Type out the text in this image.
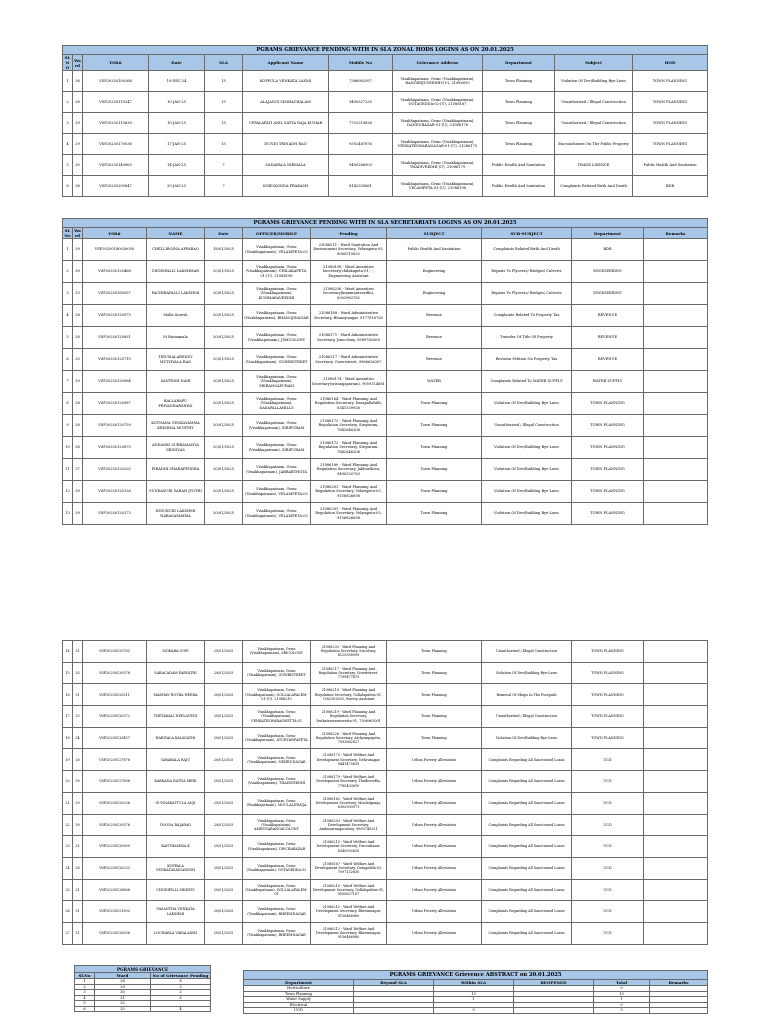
PGRAMS GRIEVANCE PENDING WITH IN SLA ZONAL HODS LOGINS AS ON 20.01.2025										
SL NO	Ward	YSR#	Date	SLA	Applicant Name	Mobile No	Grievance Address	Department	Subject	HOD
1	36	VSP20250100268	10-DEC-24	15	KOPPULA VENKATA LAXMI	7386982957	Visakhapatnam, Gvmc (Visakhapatnam), RANGIRIJUVEEDHI-(U), 21086093	Town Planning	Violation Of Dev/Building Bye-Laws	TOWN PLANNING
2	28	VSP20250110247	10-JAN-25	15	ALAJANGI SIMHACHALAM	9490527333	Visakhapatnam, Gvmc (Visakhapatnam), OOTAGEDDA-02-(U), 21086167	Town Planning	Unauthorised / Illegal Construction	TOWN PLANNING
3	29	VSP20250110630	10-JAN-25	15	UPPALAPATI ANIL SATYA RAJA KUMAR	7702319626	Visakhapatnam, Gvmc (Visakhapatnam), DANDUBAZAR-01-(U), 21086176	Town Planning	Unauthorised / Illegal Construction	TOWN PLANNING
4	29	VSP20250170036	17-JAN-25	15	DUNDI TRINADH RAO	9392487876	Visakhapatnam, Gvmc (Visakhapatnam), VENKATESWARANAGAR-01-(U), 21086175	Town Planning	Encroachment On The Public Property	TOWN PLANNING
5	30	VSP20250140963	14-JAN-25	7	SANAPALA NIRMALA	9490286903	Visakhapatnam, Gvmc (Visakhapatnam), THADIVEEDHI-(U), 21086179	Public Health And Sanitation	TRADE LISENCE	Public Health And Sanitation
6	36	VSP20250200847	20-JAN-25	7	KORUKONDA PRAKASH	8142335661	Visakhapatnam, Gvmc (Visakhapatnam), VELAMPETA-03-(U), 21086198	Public Health And Sanitation	Complaints Related Birth And Death	BDR
PGRAMS GRIEVANCE PENDING WITH IN SLA SECRETARIATS LOGINS AS ON 20.01.2025										
SL No	Ward	YSR#	NAME	Date	OFFICER/MOBILE	Pending	SUBJECT	SUB-SUBJECT	Department	Remarks
1	39	VSP20250180026050	CHELLIBOINA APPARAO	18/01/2025	Visakhapatnam, Gvmc (Visakhapatnam), VELAMPETA-03	21086211 - Ward Sanitation And Environment Secretary, Velampeta-03, 8065515632	Public Health And Sanitation	Complaints Related Birth And Death	BDR	
2	39	VSP20250120468	CHODIPALLI LAKSHMAN	20/01/2025	Visakhapatnam, Gvmc (Visakhapatnam), CHILAKAPETA-01-(U), 21086198	21086198 - Ward Amenities Secretary(chilakapeta-01, - , Engineering Assistant	Engineering	Repairs To Flyovers/ Bridges/ Culverts	ENGINEERING	
3	33	VSP20250185057	PACHIRAPALLI LAKSHMI	20/01/2025	Visakhapatnam, Gvmc (Visakhapatnam), KUMMARAVEEDHI	21086236 - Ward Amenities Secretary(kummaraveedhi), 6303963782	Engineering	Repairs To Flyovers/ Bridges/ Culverts	ENGINEERING	
4	28	VSP20250120975	Malla Suresh	20/01/2025	Visakhapatnam, Gvmc (Visakhapatnam), BHANOJINAGAR	21086168 - Ward Administrative Secretary, Bhanojinagar, 9177816765	Revenue	Complaints Related To Property Tax	REVENUE	
5	28	VSP20250120831	M Ratnamala	20/01/2025	Visakhapatnam, Gvmc (Visakhapatnam), JSMCOLONY	21086171 - Ward Administrative Secretary, Jsmcolony, 9989762569	Revenue	Transfer Of Title Of Property	REVENUE	
6	33	VSP20250120710	TIRUMALAREDDY MUTHYALA RAO	20/01/2025	Visakhapatnam, Gvmc (Visakhapatnam), GOWRISTREET	21086217 - Ward Administrative Secretary, Gowristreet, 9966636267	Revenue	Revision Petition On Property Tax	REVENUE	
7	29	VSP20250120964	SANTESH NAIR	20/01/2025	Visakhapatnam, Gvmc (Visakhapatnam), SRIRANGAPURAM	21086174 - Ward Amenities Secretary(srirangapuram), 9059314681	WATER	Complaints Related To WATER SUPPLY	WATER SUPPLY	
8	28	VSP20250120987	BALLARAPU PRIYADHARSHINI	20/01/2025	Visakhapatnam, Gvmc (Visakhapatnam), DASAPALLAHILLS	21086164 - Ward Planning And Regulation Secretary, Dasapallahills, 8341339926	Town Planning	Violation Of Dev/Building Bye-Laws	TOWN PLANNING	
9	28	VSP20250120759	KOTNANA VENKAYAMMA KRISHNA MURTHY	20/01/2025	Visakhapatnam, Gvmc (Visakhapatnam), SIRIPURAM	21086172 - Ward Planning And Regulation Secretary, Siripuram, 7842646206	Town Planning	Unauthorised / Illegal Construction	TOWN PLANNING	
10	28	VSP20250120870	ADDANKI SUBRAMANYA SRINIVAS	20/01/2025	Visakhapatnam, Gvmc (Visakhapatnam), SIRIPURAM	21086172 - Ward Planning And Regulation Secretary, Siripuram, 7842646206	Town Planning	Violation Of Dev/Building Bye-Laws	TOWN PLANNING	
11	37	VSP20250120202	PIRADHI SHARAPENDRA	20/01/2025	Visakhapatnam, Gvmc (Visakhapatnam), JABBARTHOTA	21086180 - Ward Planning And Regulation Secretary, Jabbarthota, 9490520763	Town Planning	Violation Of Dev/Building Bye-Laws	TOWN PLANNING	
12	39	VSP20250120126	SUNKASURI SARAH JYOTHI	20/01/2025	Visakhapatnam, Gvmc (Visakhapatnam), VELAMPETA-03	21086201 - Ward Planning And Regulation Secretary, Velampeta-03, 9156826698	Town Planning	Violation Of Dev/Building Bye-Laws	TOWN PLANNING	
13	39	VSP20250120273	INDUKURI LAKSHMI NARASAYAMMA	20/01/2025	Visakhapatnam, Gvmc (Visakhapatnam), VELAMPETA-03	21086201 - Ward Planning And Regulation Secretary, Velampeta-03, 9156826698	Town Planning	Violation Of Dev/Building Bye-Laws	TOWN PLANNING	
14	31	VSP20250120762	MOKARA GOPI	20/01/2025	Visakhapatnam, Gvmc (Visakhapatnam), SRICOLONY	21086203 - Ward Planning And Regulation Secretary, Sricolony, 8125358959	Town Planning	Unauthorised / Illegal Construction	TOWN PLANNING	
15	33	VSP20250120578	SARACADAM PARVATHI	20/01/2025	Visakhapatnam, Gvmc (Visakhapatnam), GOWRISTREET	21086217 - Ward Planning And Regulation Secretary, Gowristreet, 7799477475	Town Planning	Violation Of Dev/Building Bye-Laws	TOWN PLANNING	
16	31	VSP20250120311	MADHAV ROYRA HEERA	20/01/2025	Visakhapatnam, Gvmc (Visakhapatnam), GOLLALAPALEM-01-(U), 21086210	21086210 - Ward Planning And Regulation Secretary, Gollalapalem-01, 7382302835, Survey Assistant	Town Planning	Removal Of Shops In The Footpath	TOWN PLANNING	
17	33	VSP20250120372	THETAKALI NEELAVENI	20/01/2025	Visakhapatnam, Gvmc (Visakhapatnam), VENKATESWARASWETTA-01	21086219 - Ward Planning And Regulation Secretary, Venkateswaraswetta-01, 7396963001	Town Planning	Unauthorised / Illegal Construction	TOWN PLANNING	
18	34	VSP20250120457	HARIYALA KALAVATHI	20/01/2025	Visakhapatnam, Gvmc (Visakhapatnam), ATCHYANPAPETA	21086226 - Ward Planning And Regulation Secretary, Atchyanpapeta, 7093862427	Town Planning	Violation Of Dev/Building Bye-Laws	TOWN PLANNING	
19	28	VSP20250127878	YARABALA RAJU	20/01/2025	Visakhapatnam, Gvmc (Visakhapatnam), NEHRUNAGAR	21086173 - Ward Welfare And Development Secretary, Nehrunagar, 9441475839	Urban Poverty Alleviation	Complaints Regarding All Sanctioned Loans	UCD	
20	30	VSP20250127808	KARKANA RATNA MERI	20/01/2025	Visakhapatnam, Gvmc (Visakhapatnam), THADIVEEDHI	21086179 - Ward Welfare And Development Secretary, Thadiveedhi, 7780403610	Urban Poverty Alleviation	Complaints Regarding All Sanctioned Loans	UCD	
21	29	VSP20250120236	GUNNABATTULA ANJI	20/01/2025	Visakhapatnam, Gvmc (Visakhapatnam), MOULALIPANJA	21086182 - Ward Welfare And Development Secretary, Moulalipanja, 6302930971	Urban Poverty Alleviation	Complaints Regarding All Sanctioned Loans	UCD	
22	39	VSP20250120376	DOODA RAJARAO	20/01/2025	Visakhapatnam, Gvmc (Visakhapatnam), AMBUSARANGACOLONY	21086203 - Ward Welfare And Development Secretary, Ambusarangacolony, 9693749251	Urban Poverty Alleviation	Complaints Regarding All Sanctioned Loans	UCD	
23	31	VSP20250120909	KANTHAMMA K	20/01/2025	Visakhapatnam, Gvmc (Visakhapatnam), DWCRABAZAR	21086213 - Ward Welfare And Development Secretary, Dwcrabazar, 8340992635	Urban Poverty Alleviation	Complaints Regarding All Sanctioned Loans	UCD	
24	28	VSP20250120233	KOPPALA VENKATASAIGANESH	20/01/2025	Visakhapatnam, Gvmc (Visakhapatnam), OOTAGEDDA-02	21086167 - Ward Welfare And Development Secretary, Ootagedda-02, 7097132830	Urban Poverty Alleviation	Complaints Regarding All Sanctioned Loans	UCD	
25	31	VSP20250126868	CHODIPILLI SRIDEVI	20/01/2025	Visakhapatnam, Gvmc (Visakhapatnam), GOLLALAPALEM-01	21086210 - Ward Welfare And Development Secretary, Gollalapalem-01, 9550627167	Urban Poverty Alleviation	Complaints Regarding All Sanctioned Loans	UCD	
26	31	VSP20250121902	VASANTHA VENKATA LAKSHMI	20/01/2025	Visakhapatnam, Gvmc (Visakhapatnam), BHEEMNAGAR	21086212 - Ward Welfare And Development Secretary, Bheemnagar, 9156466960	Urban Poverty Alleviation	Complaints Regarding All Sanctioned Loans	UCD	
27	31	VSP20250120036	LOCHABLA VARALAXMI	20/01/2025	Visakhapatnam, Gvmc (Visakhapatnam), BHEEMNAGAR	21086212 - Ward Welfare And Development Secretary, Bheemnagar, 9156466960	Urban Poverty Alleviation	Complaints Regarding All Sanctioned Loans	UCD	
PGRAMS GRIEVANCE		
Sl.No	Ward	No of Grievance Pending
1	28	8
2	29	3
3	30	2
4	31	6
5	32	
6	33	4
PGRAMS GRIEVANCE Grievence ABSTRACT on 20.01.2025					
Department	Beyond SLA	Within SLA	REOPENED	Total	Remarks
Horticulture				0	
Town Planning		15		15	
Water Supply		1		1	
Electrical				0	
UCD		9		9	
